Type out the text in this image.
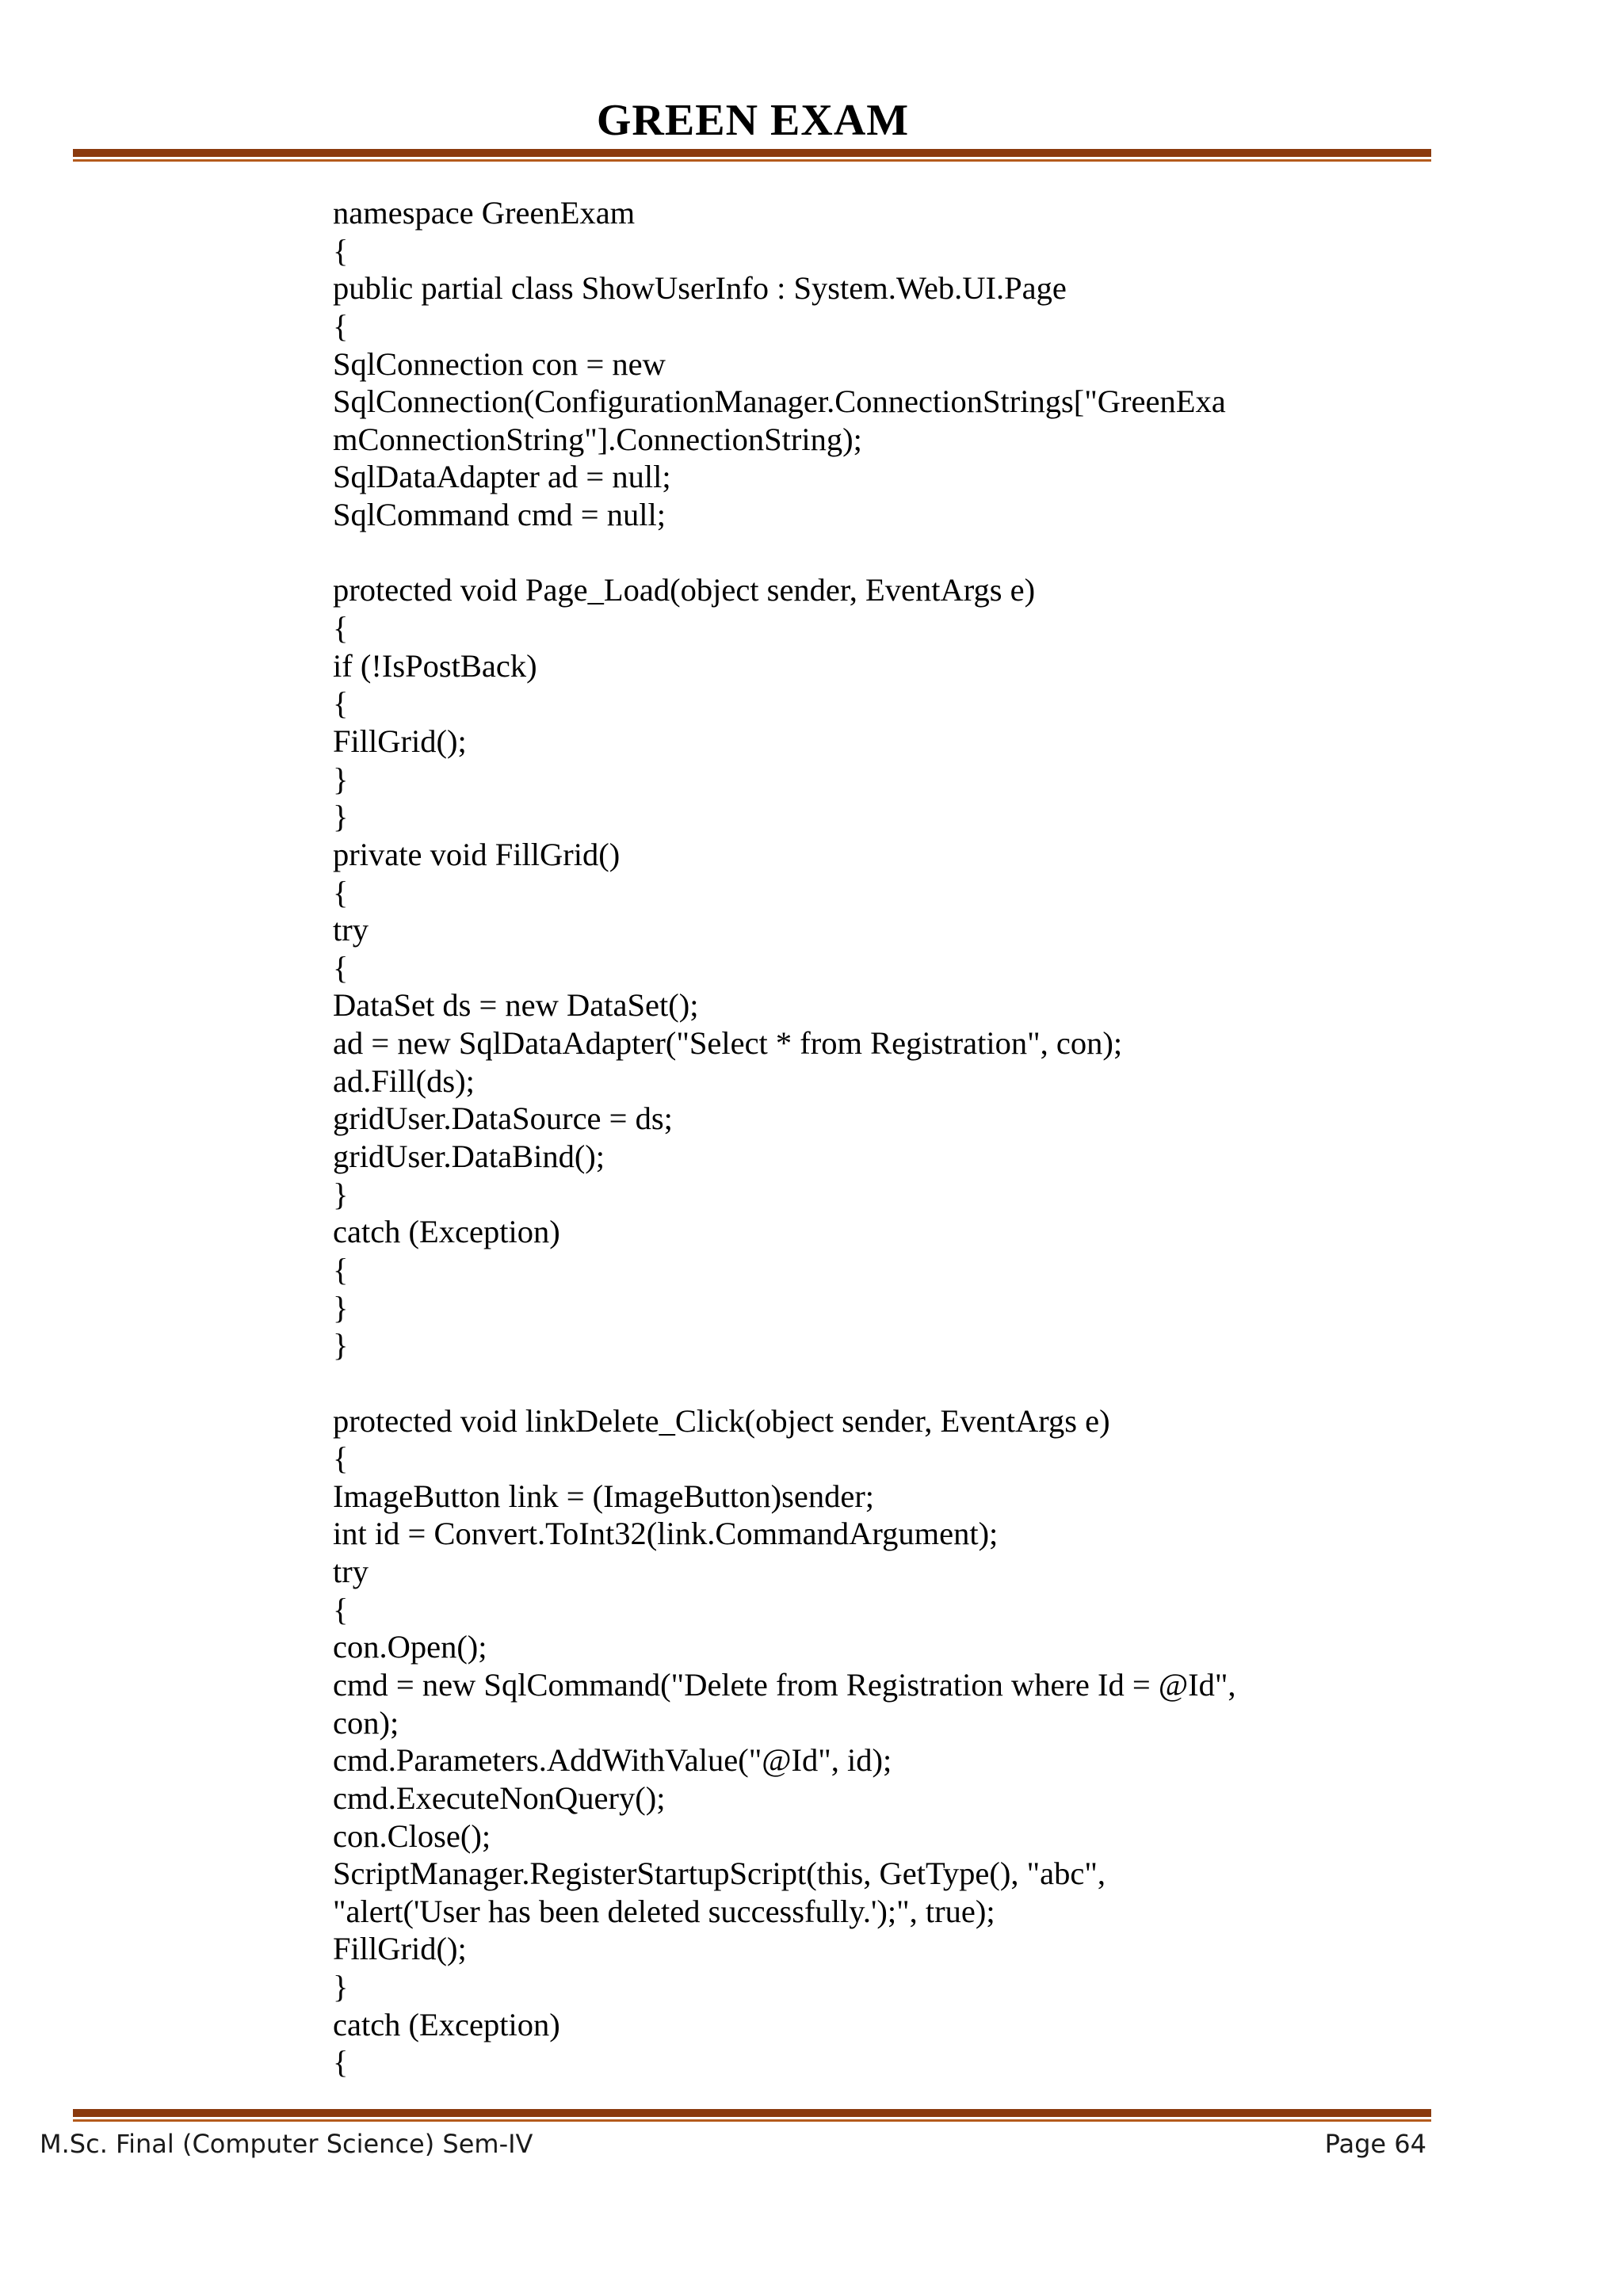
GREEN EXAM
namespace GreenExam
{
public partial class ShowUserInfo : System.Web.UI.Page
{
SqlConnection con = new
SqlConnection(ConfigurationManager.ConnectionStrings["GreenExa
mConnectionString"].ConnectionString);
SqlDataAdapter ad = null;
SqlCommand cmd = null;
protected void Page_Load(object sender, EventArgs e)
{
if (!IsPostBack)
{
FillGrid();
}
}
private void FillGrid()
{
try
{
DataSet ds = new DataSet();
ad = new SqlDataAdapter("Select * from Registration", con);
ad.Fill(ds);
gridUser.DataSource = ds;
gridUser.DataBind();
}
catch (Exception)
{
}
}
protected void linkDelete_Click(object sender, EventArgs e)
{
ImageButton link = (ImageButton)sender;
int id = Convert.ToInt32(link.CommandArgument);
try
{
con.Open();
cmd = new SqlCommand("Delete from Registration where Id = @Id",
con);
cmd.Parameters.AddWithValue("@Id", id);
cmd.ExecuteNonQuery();
con.Close();
ScriptManager.RegisterStartupScript(this, GetType(), "abc",
"alert('User has been deleted successfully.');", true);
FillGrid();
}
catch (Exception)
{
M.Sc. Final (Computer Science) Sem-IV	Page 64
